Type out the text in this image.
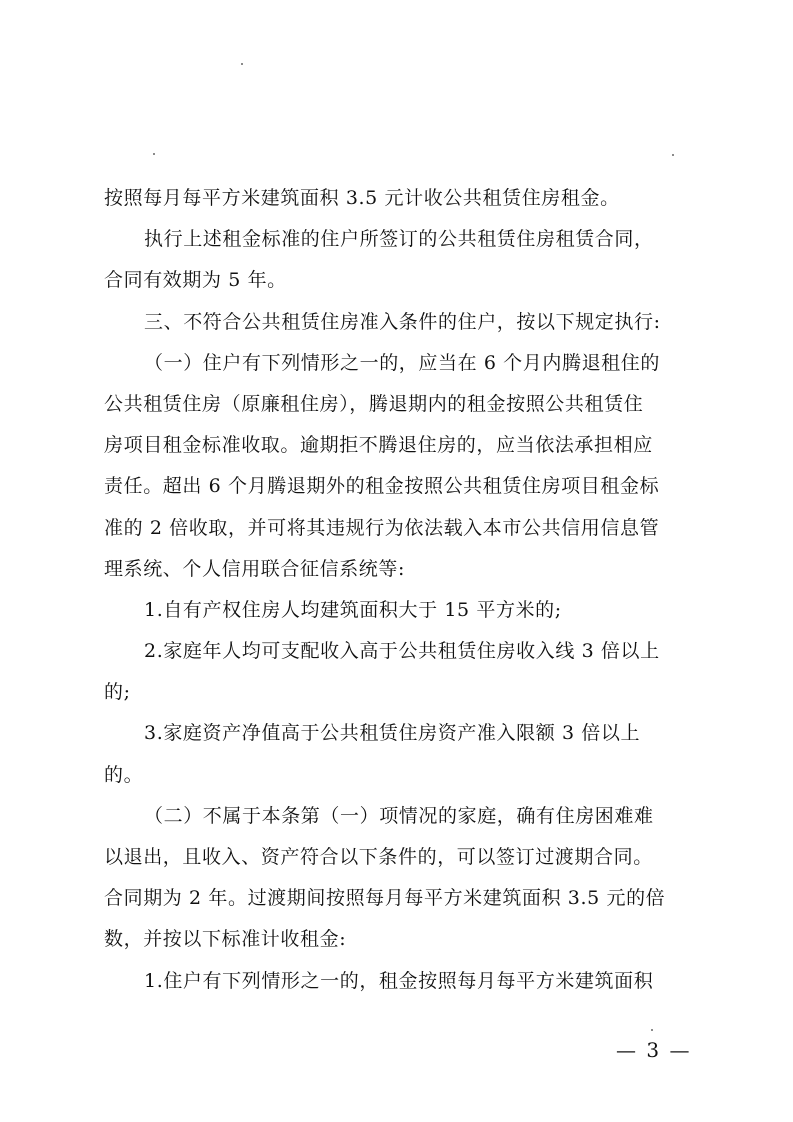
按照每月每平方米建筑面积 3.5 元计收公共租赁住房租金。
执行上述租金标准的住户所签订的公共租赁住房租赁合同，
合同有效期为 5 年。
三、不符合公共租赁住房准入条件的住户，按以下规定执行:
（一）住户有下列情形之一的，应当在 6 个月内腾退租住的
公共租赁住房（原廉租住房），腾退期内的租金按照公共租赁住
房项目租金标准收取。逾期拒不腾退住房的，应当依法承担相应
责任。超出 6 个月腾退期外的租金按照公共租赁住房项目租金标
准的 2 倍收取，并可将其违规行为依法载入本市公共信用信息管
理系统、个人信用联合征信系统等:
1.自有产权住房人均建筑面积大于 15 平方米的;
2.家庭年人均可支配收入高于公共租赁住房收入线 3 倍以上
的;
3.家庭资产净值高于公共租赁住房资产准入限额 3 倍以上
的。
（二）不属于本条第（一）项情况的家庭，确有住房困难难
以退出，且收入、资产符合以下条件的，可以签订过渡期合同。
合同期为 2 年。过渡期间按照每月每平方米建筑面积 3.5 元的倍
数，并按以下标准计收租金:
1.住户有下列情形之一的，租金按照每月每平方米建筑面积
— 3 —
